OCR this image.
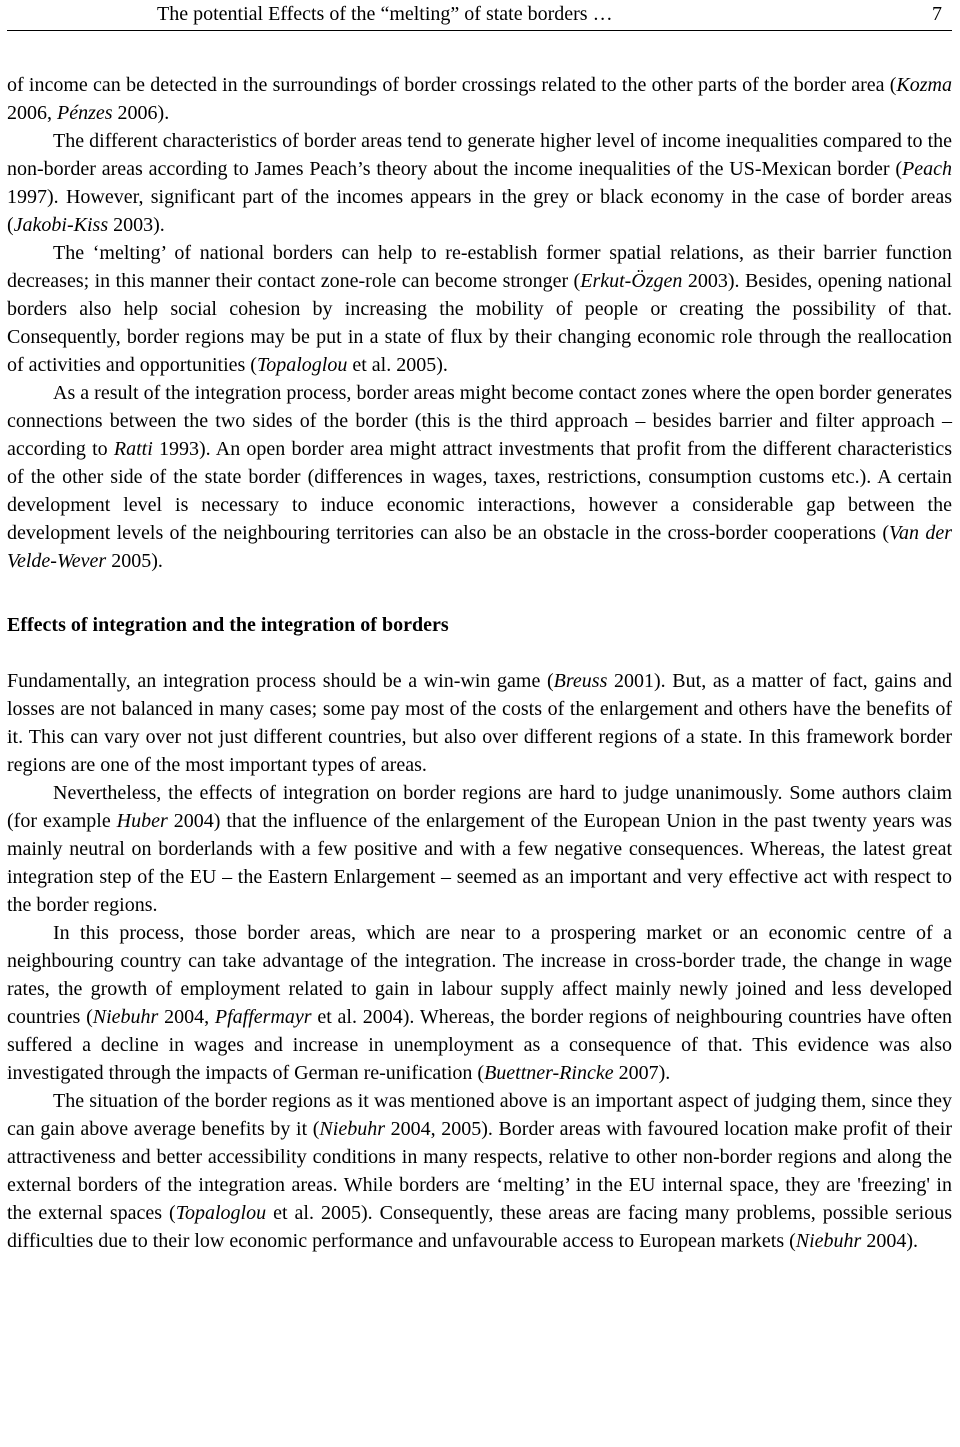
The potential Effects of the “melting” of state borders …	7

of income can be detected in the surroundings of border crossings related to the other parts of the border area (Kozma 2006, Pénzes 2006).

The different characteristics of border areas tend to generate higher level of income inequalities compared to the non-border areas according to James Peach’s theory about the income inequalities of the US-Mexican border (Peach 1997). However, significant part of the incomes appears in the grey or black economy in the case of border areas (Jakobi-Kiss 2003).

The ‘melting’ of national borders can help to re-establish former spatial relations, as their barrier function decreases; in this manner their contact zone-role can become stronger (Erkut-Özgen 2003). Besides, opening national borders also help social cohesion by increasing the mobility of people or creating the possibility of that. Consequently, border regions may be put in a state of flux by their changing economic role through the reallocation of activities and opportunities (Topaloglou et al. 2005).

As a result of the integration process, border areas might become contact zones where the open border generates connections between the two sides of the border (this is the third approach – besides barrier and filter approach – according to Ratti 1993). An open border area might attract investments that profit from the different characteristics of the other side of the state border (differences in wages, taxes, restrictions, consumption customs etc.). A certain development level is necessary to induce economic interactions, however a considerable gap between the development levels of the neighbouring territories can also be an obstacle in the cross-border cooperations (Van der Velde-Wever 2005).

Effects of integration and the integration of borders

Fundamentally, an integration process should be a win-win game (Breuss 2001). But, as a matter of fact, gains and losses are not balanced in many cases; some pay most of the costs of the enlargement and others have the benefits of it. This can vary over not just different countries, but also over different regions of a state. In this framework border regions are one of the most important types of areas.

Nevertheless, the effects of integration on border regions are hard to judge unanimously. Some authors claim (for example Huber 2004) that the influence of the enlargement of the European Union in the past twenty years was mainly neutral on borderlands with a few positive and with a few negative consequences. Whereas, the latest great integration step of the EU – the Eastern Enlargement – seemed as an important and very effective act with respect to the border regions.

In this process, those border areas, which are near to a prospering market or an economic centre of a neighbouring country can take advantage of the integration. The increase in cross-border trade, the change in wage rates, the growth of employment related to gain in labour supply affect mainly newly joined and less developed countries (Niebuhr 2004, Pfaffermayr et al. 2004). Whereas, the border regions of neighbouring countries have often suffered a decline in wages and increase in unemployment as a consequence of that. This evidence was also investigated through the impacts of German re-unification (Buettner-Rincke 2007).

The situation of the border regions as it was mentioned above is an important aspect of judging them, since they can gain above average benefits by it (Niebuhr 2004, 2005). Border areas with favoured location make profit of their attractiveness and better accessibility conditions in many respects, relative to other non-border regions and along the external borders of the integration areas. While borders are ‘melting’ in the EU internal space, they are 'freezing' in the external spaces (Topaloglou et al. 2005). Consequently, these areas are facing many problems, possible serious difficulties due to their low economic performance and unfavourable access to European markets (Niebuhr 2004).
